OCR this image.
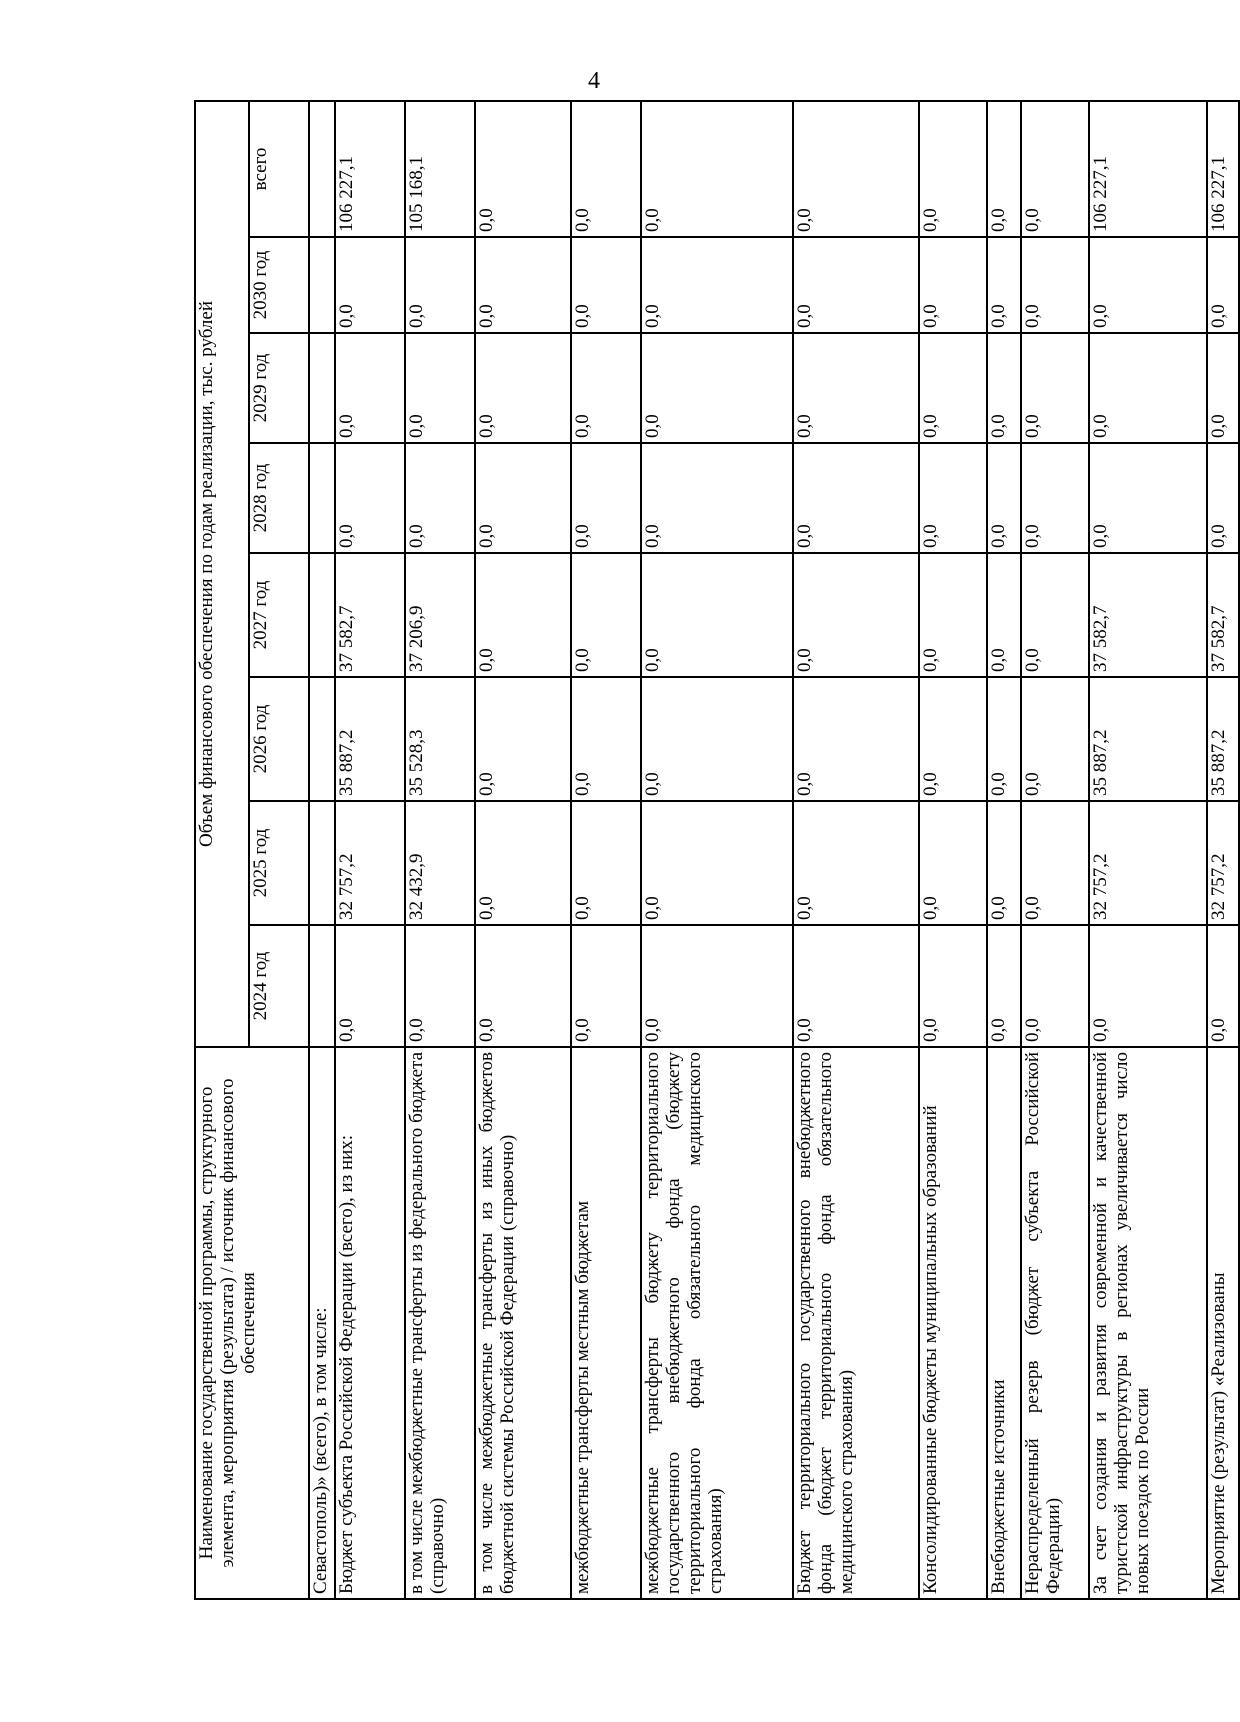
4
Наименование государственной программы, структурного элемента, мероприятия (результата) / источник финансового обеспечения	Объем финансового обеспечения по годам реализации, тыс. рублей							
	2024 год	2025 год	2026 год	2027 год	2028 год	2029 год	2030 год	всего
Севастополь)» (всего), в том числе:								
Бюджет субъекта Российской Федерации (всего), из них:	0,0	32 757,2	35 887,2	37 582,7	0,0	0,0	0,0	106 227,1
в том числе межбюджетные трансферты из федерального бюджета (справочно)	0,0	32 432,9	35 528,3	37 206,9	0,0	0,0	0,0	105 168,1
в том числе межбюджетные трансферты из иных бюджетов бюджетной системы Российской Федерации (справочно)	0,0	0,0	0,0	0,0	0,0	0,0	0,0	0,0
межбюджетные трансферты местным бюджетам	0,0	0,0	0,0	0,0	0,0	0,0	0,0	0,0
межбюджетные трансферты бюджету территориального государственного внебюджетного фонда (бюджету территориального фонда обязательного медицинского страхования)	0,0	0,0	0,0	0,0	0,0	0,0	0,0	0,0
Бюджет территориального государственного внебюджетного фонда (бюджет территориального фонда обязательного медицинского страхования)	0,0	0,0	0,0	0,0	0,0	0,0	0,0	0,0
Консолидированные бюджеты муниципальных образований	0,0	0,0	0,0	0,0	0,0	0,0	0,0	0,0
Внебюджетные источники	0,0	0,0	0,0	0,0	0,0	0,0	0,0	0,0
Нераспределенный резерв (бюджет субъекта Российской Федерации)	0,0	0,0	0,0	0,0	0,0	0,0	0,0	0,0
За счет создания и развития современной и качественной туристской инфраструктуры в регионах увеличивается число новых поездок по России	0,0	32 757,2	35 887,2	37 582,7	0,0	0,0	0,0	106 227,1
Мероприятие (результат) «Реализованы	0,0	32 757,2	35 887,2	37 582,7	0,0	0,0	0,0	106 227,1
